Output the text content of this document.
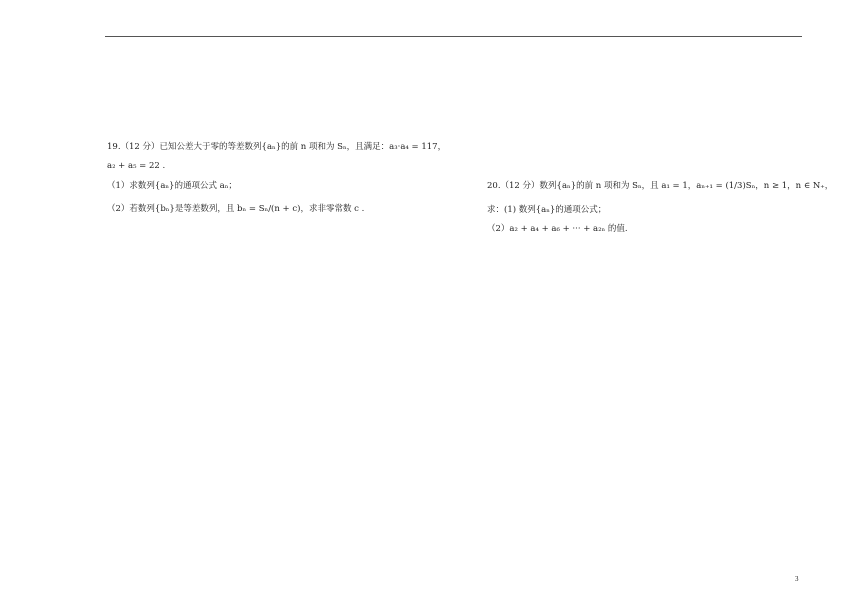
19.（12 分）已知公差大于零的等差数列{aₙ}的前 n 项和为 Sₙ，且满足：a₃·a₄ = 117，
a₂ + a₅ = 22 .
（1）求数列{aₙ}的通项公式 aₙ；
（2）若数列{bₙ}是等差数列，且 bₙ = Sₙ/(n + c)，求非零常数 c .
20.（12 分）数列{aₙ}的前 n 项和为 Sₙ，且 a₁ = 1，aₙ₊₁ = (1/3)Sₙ，n ≥ 1，n ∈ N₊，
求：(1) 数列{aₙ}的通项公式；
（2）a₂ + a₄ + a₆ + ··· + a₂ₙ 的值.
3
